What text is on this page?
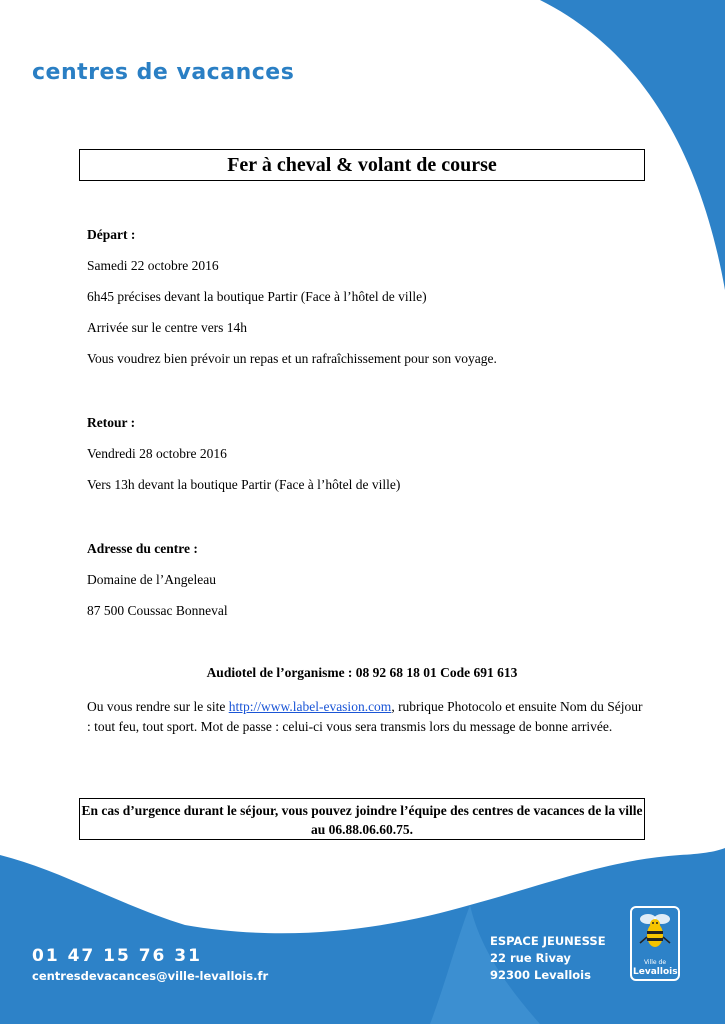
centres de vacances
Fer à cheval & volant de course

Départ :

Samedi 22 octobre 2016

6h45 précises devant la boutique Partir (Face à l’hôtel de ville)

Arrivée sur le centre vers 14h

Vous voudrez bien prévoir un repas et un rafraîchissement pour son voyage.

Retour :

Vendredi 28 octobre 2016

Vers 13h devant la boutique Partir (Face à l’hôtel de ville)

Adresse du centre :

Domaine de l’Angeleau

87 500 Coussac Bonneval

Audiotel de l’organisme : 08 92 68 18 01 Code 691 613
Ou vous rendre sur le site http://www.label-evasion.com, rubrique Photocolo et ensuite Nom du Séjour : tout feu, tout sport. Mot de passe : celui-ci vous sera transmis lors du message de bonne arrivée.
En cas d’urgence durant le séjour, vous pouvez joindre l’équipe des centres de vacances de la ville au 06.88.06.60.75.
01 47 15 76 31
centresdevacances@ville-levallois.fr
ESPACE JEUNESSE
22 rue Rivay
92300 Levallois
Ville de
Levallois
